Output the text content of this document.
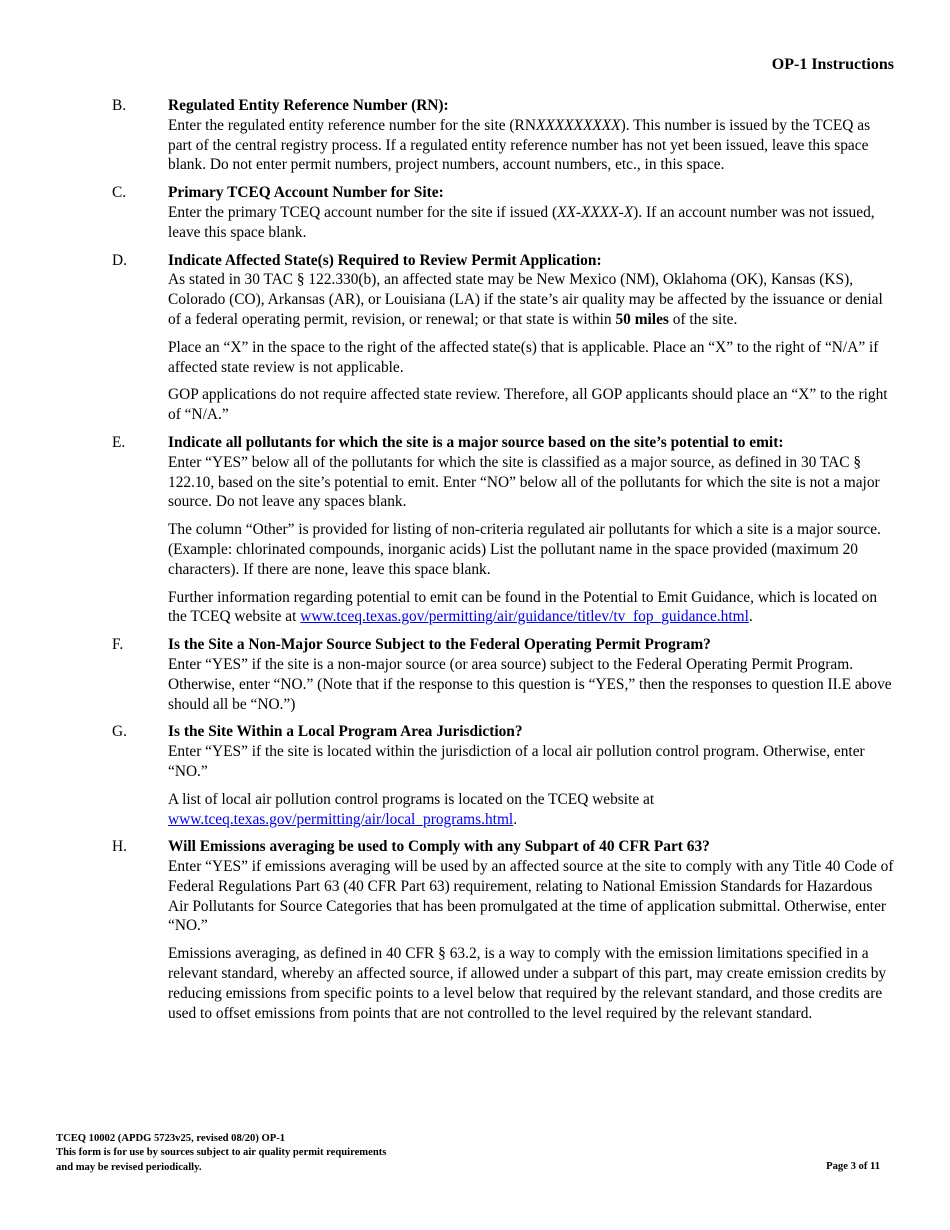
OP-1 Instructions
B.	Regulated Entity Reference Number (RN):

Enter the regulated entity reference number for the site (RNXXXXXXXXX). This number is issued by the TCEQ as part of the central registry process. If a regulated entity reference number has not yet been issued, leave this space blank. Do not enter permit numbers, project numbers, account numbers, etc., in this space.

C.	Primary TCEQ Account Number for Site:

Enter the primary TCEQ account number for the site if issued (XX-XXXX-X). If an account number was not issued, leave this space blank.

D.	Indicate Affected State(s) Required to Review Permit Application:

As stated in 30 TAC § 122.330(b), an affected state may be New Mexico (NM), Oklahoma (OK), Kansas (KS), Colorado (CO), Arkansas (AR), or Louisiana (LA) if the state’s air quality may be affected by the issuance or denial of a federal operating permit, revision, or renewal; or that state is within 50 miles of the site.

Place an “X” in the space to the right of the affected state(s) that is applicable. Place an “X” to the right of “N/A” if affected state review is not applicable.

GOP applications do not require affected state review. Therefore, all GOP applicants should place an “X” to the right of “N/A.”

E.	Indicate all pollutants for which the site is a major source based on the site’s potential to emit:

Enter “YES” below all of the pollutants for which the site is classified as a major source, as defined in 30 TAC § 122.10, based on the site’s potential to emit. Enter “NO” below all of the pollutants for which the site is not a major source. Do not leave any spaces blank.

The column “Other” is provided for listing of non-criteria regulated air pollutants for which a site is a major source. (Example: chlorinated compounds, inorganic acids) List the pollutant name in the space provided (maximum 20 characters). If there are none, leave this space blank.

Further information regarding potential to emit can be found in the Potential to Emit Guidance, which is located on the TCEQ website at www.tceq.texas.gov/permitting/air/guidance/titlev/tv_fop_guidance.html.

F.	Is the Site a Non-Major Source Subject to the Federal Operating Permit Program?

Enter “YES” if the site is a non-major source (or area source) subject to the Federal Operating Permit Program. Otherwise, enter “NO.” (Note that if the response to this question is “YES,” then the responses to question II.E above should all be “NO.”)

G.	Is the Site Within a Local Program Area Jurisdiction?

Enter “YES” if the site is located within the jurisdiction of a local air pollution control program. Otherwise, enter “NO.”

A list of local air pollution control programs is located on the TCEQ website at www.tceq.texas.gov/permitting/air/local_programs.html.

H.	Will Emissions averaging be used to Comply with any Subpart of 40 CFR Part 63?

Enter “YES” if emissions averaging will be used by an affected source at the site to comply with any Title 40 Code of Federal Regulations Part 63 (40 CFR Part 63) requirement, relating to National Emission Standards for Hazardous Air Pollutants for Source Categories that has been promulgated at the time of application submittal. Otherwise, enter “NO.”

Emissions averaging, as defined in 40 CFR § 63.2, is a way to comply with the emission limitations specified in a relevant standard, whereby an affected source, if allowed under a subpart of this part, may create emission credits by reducing emissions from specific points to a level below that required by the relevant standard, and those credits are used to offset emissions from points that are not controlled to the level required by the relevant standard.

TCEQ 10002 (APDG 5723v25, revised 08/20) OP-1
This form is for use by sources subject to air quality permit requirements
and may be revised periodically.	Page 3 of 11
